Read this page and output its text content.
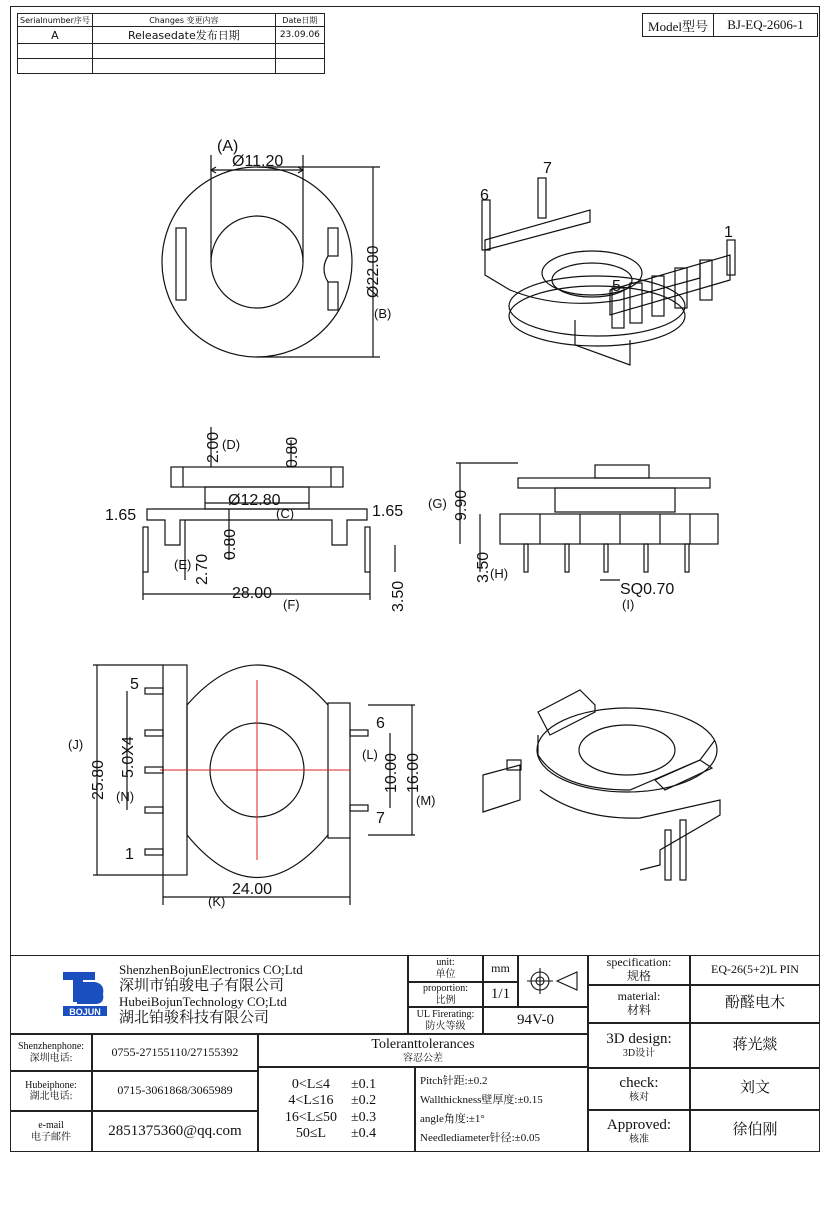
Serialnumber序号	Changes 变更内容	Date日期
A	Releasedate发布日期	23.09.06

Model型号	BJ-EQ-2606-1
(A)
Ø11.20
Ø22.00
(B)
6
7
1
5
2.00 (D)	0.80
Ø12.80
(C)
1.65	1.65
2.70
(E)
0.80
28.00
(F)	3.50
(G) 9.90
3.50
(H)
SQ0.70
(I)
(J)
25.80
5.0X4
(N)
24.00
(K)
(L) 10.00 16.00
(M)
5
1
6
7
BOJUN
ShenzhenBojunElectronics CO;Ltd
深圳市铂骏电子有限公司
HubeiBojunTechnology CO;Ltd
湖北铂骏科技有限公司
unit:
单位	mm
proportion:
比例	1/1
UL Firerating:
防火等级	94V-0
specification:
规格	EQ-26(5+2)L PIN
material:
材料	酚醛电木
3D design:
3D设计
蒋光燚
check:
核对
刘文
Approved:
核准
徐伯刚
Shenzhenphone:
深圳电话:	0755-27155110/27155392
Hubeiphone:
湖北电话:	0715-3061868/3065989
e-mail
电子邮件	2851375360@qq.com
Toleranttolerances
容忍公差
0<L≤4 ±0.1
4<L≤16 ±0.2
16<L≤50 ±0.3
50≤L ±0.4
Pitch针距:±0.2
Wallthickness壁厚度:±0.15
angle角度:±1°
Needlediameter针径:±0.05
